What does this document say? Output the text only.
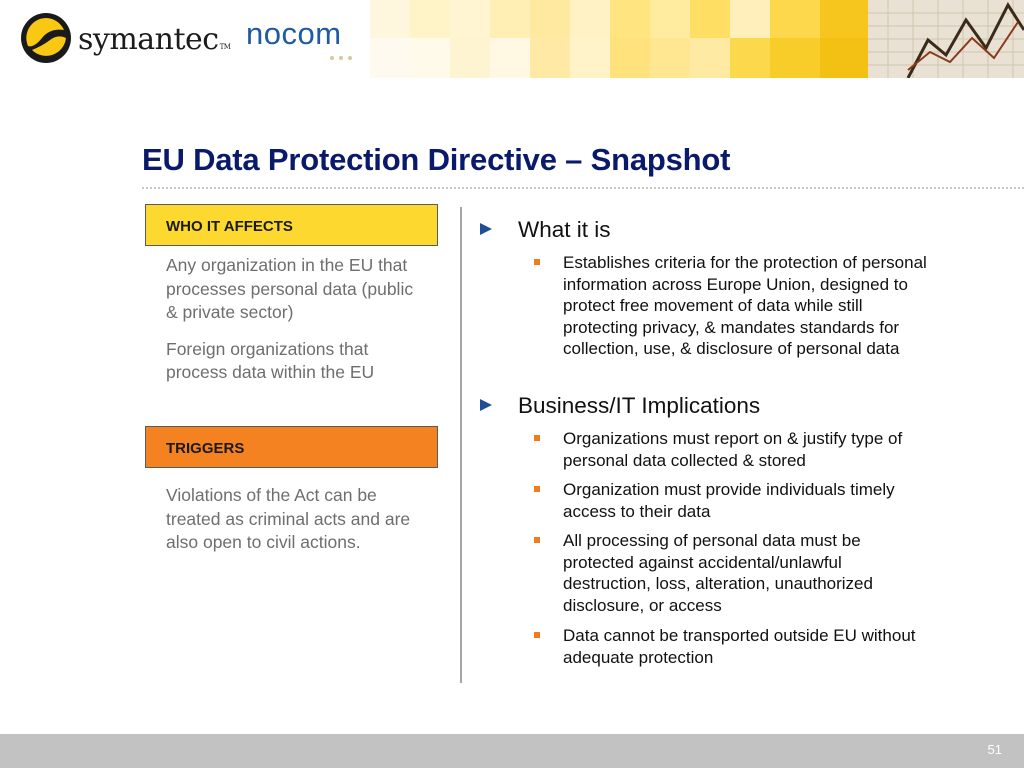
symantecTM nocom
EU Data Protection Directive – Snapshot
WHO IT AFFECTS

Any organization in the EU that processes personal data (public & private sector)

Foreign organizations that process data within the EU

TRIGGERS

Violations of the Act can be treated as criminal acts and are also open to civil actions.

What it is
Establishes criteria for the protection of personal information across Europe Union, designed to protect free movement of data while still protecting privacy, & mandates standards for collection, use, & disclosure of personal data
Business/IT Implications
Organizations must report on & justify type of personal data collected & stored
Organization must provide individuals timely access to their data
All processing of personal data must be protected against accidental/unlawful destruction, loss, alteration, unauthorized disclosure, or access
Data cannot be transported outside EU without adequate protection
51
